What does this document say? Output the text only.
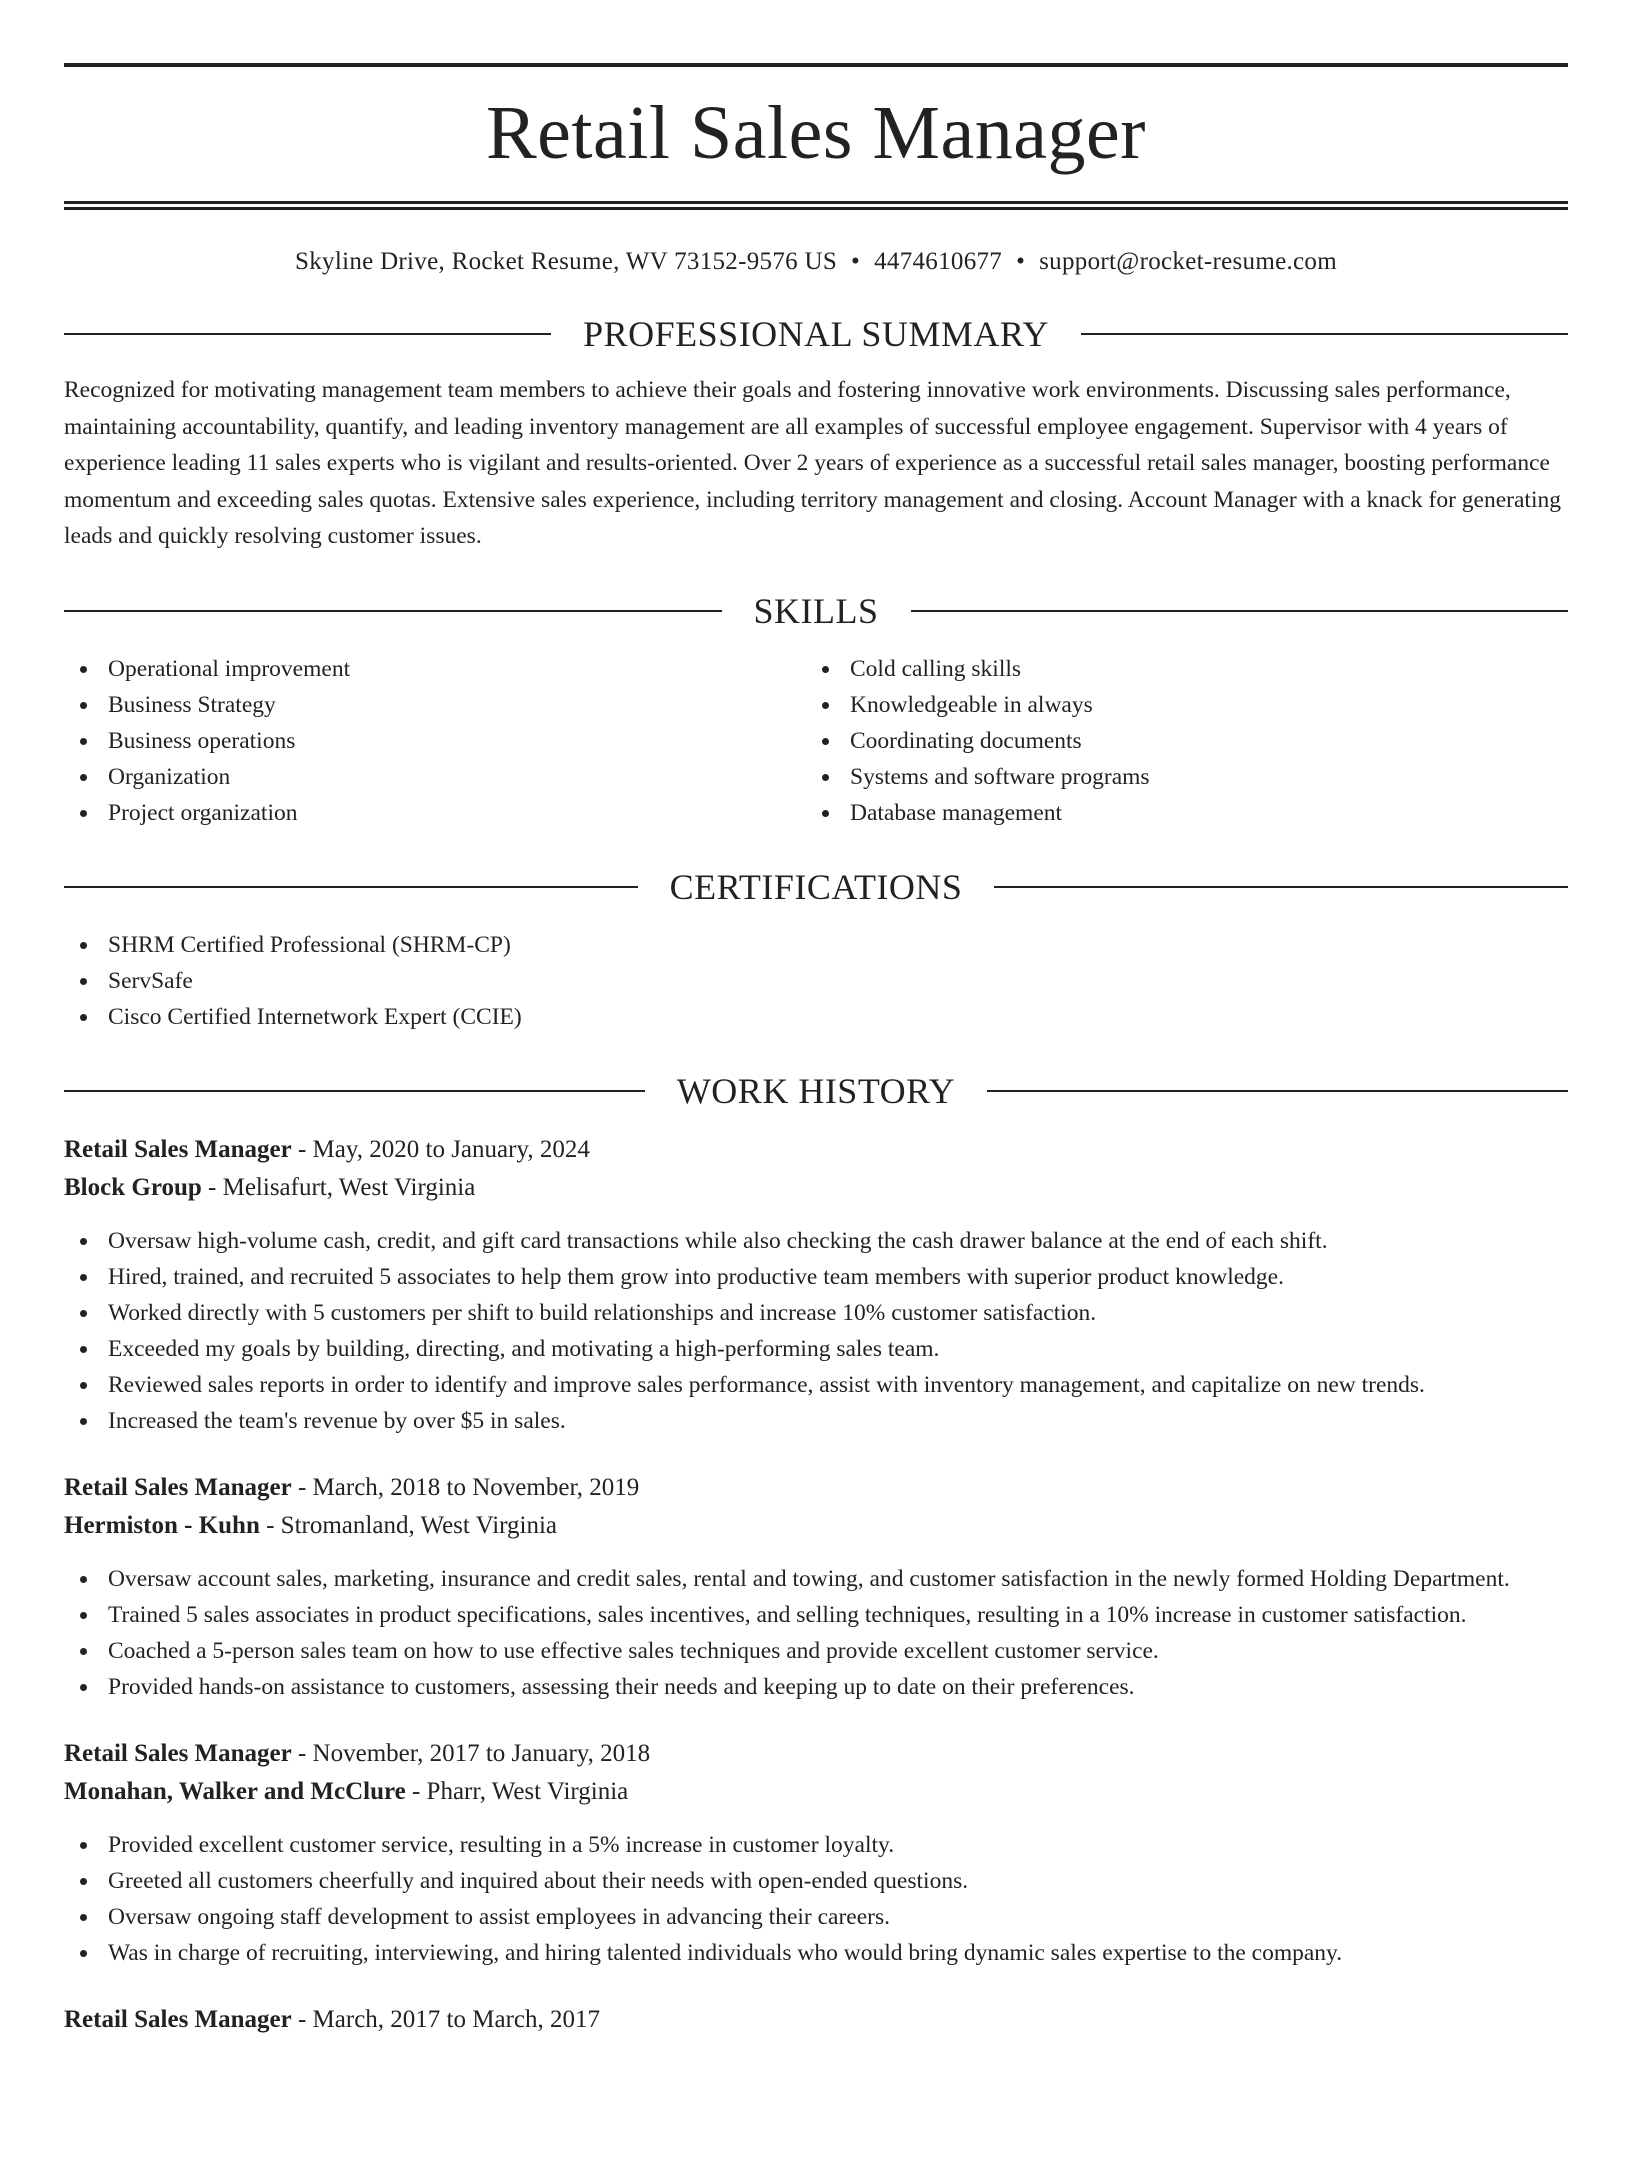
Retail Sales Manager
Skyline Drive, Rocket Resume, WV 73152-9576 US • 4474610677 • support@rocket-resume.com
PROFESSIONAL SUMMARY
Recognized for motivating management team members to achieve their goals and fostering innovative work environments. Discussing sales performance, maintaining accountability, quantify, and leading inventory management are all examples of successful employee engagement. Supervisor with 4 years of experience leading 11 sales experts who is vigilant and results-oriented. Over 2 years of experience as a successful retail sales manager, boosting performance momentum and exceeding sales quotas. Extensive sales experience, including territory management and closing. Account Manager with a knack for generating leads and quickly resolving customer issues.
SKILLS
Operational improvement
Business Strategy
Business operations
Organization
Project organization
Cold calling skills
Knowledgeable in always
Coordinating documents
Systems and software programs
Database management
CERTIFICATIONS
SHRM Certified Professional (SHRM-CP)
ServSafe
Cisco Certified Internetwork Expert (CCIE)
WORK HISTORY
Retail Sales Manager - May, 2020 to January, 2024
Block Group - Melisafurt, West Virginia
Oversaw high-volume cash, credit, and gift card transactions while also checking the cash drawer balance at the end of each shift.
Hired, trained, and recruited 5 associates to help them grow into productive team members with superior product knowledge.
Worked directly with 5 customers per shift to build relationships and increase 10% customer satisfaction.
Exceeded my goals by building, directing, and motivating a high-performing sales team.
Reviewed sales reports in order to identify and improve sales performance, assist with inventory management, and capitalize on new trends.
Increased the team's revenue by over $5 in sales.
Retail Sales Manager - March, 2018 to November, 2019
Hermiston - Kuhn - Stromanland, West Virginia
Oversaw account sales, marketing, insurance and credit sales, rental and towing, and customer satisfaction in the newly formed Holding Department.
Trained 5 sales associates in product specifications, sales incentives, and selling techniques, resulting in a 10% increase in customer satisfaction.
Coached a 5-person sales team on how to use effective sales techniques and provide excellent customer service.
Provided hands-on assistance to customers, assessing their needs and keeping up to date on their preferences.
Retail Sales Manager - November, 2017 to January, 2018
Monahan, Walker and McClure - Pharr, West Virginia
Provided excellent customer service, resulting in a 5% increase in customer loyalty.
Greeted all customers cheerfully and inquired about their needs with open-ended questions.
Oversaw ongoing staff development to assist employees in advancing their careers.
Was in charge of recruiting, interviewing, and hiring talented individuals who would bring dynamic sales expertise to the company.
Retail Sales Manager - March, 2017 to March, 2017
